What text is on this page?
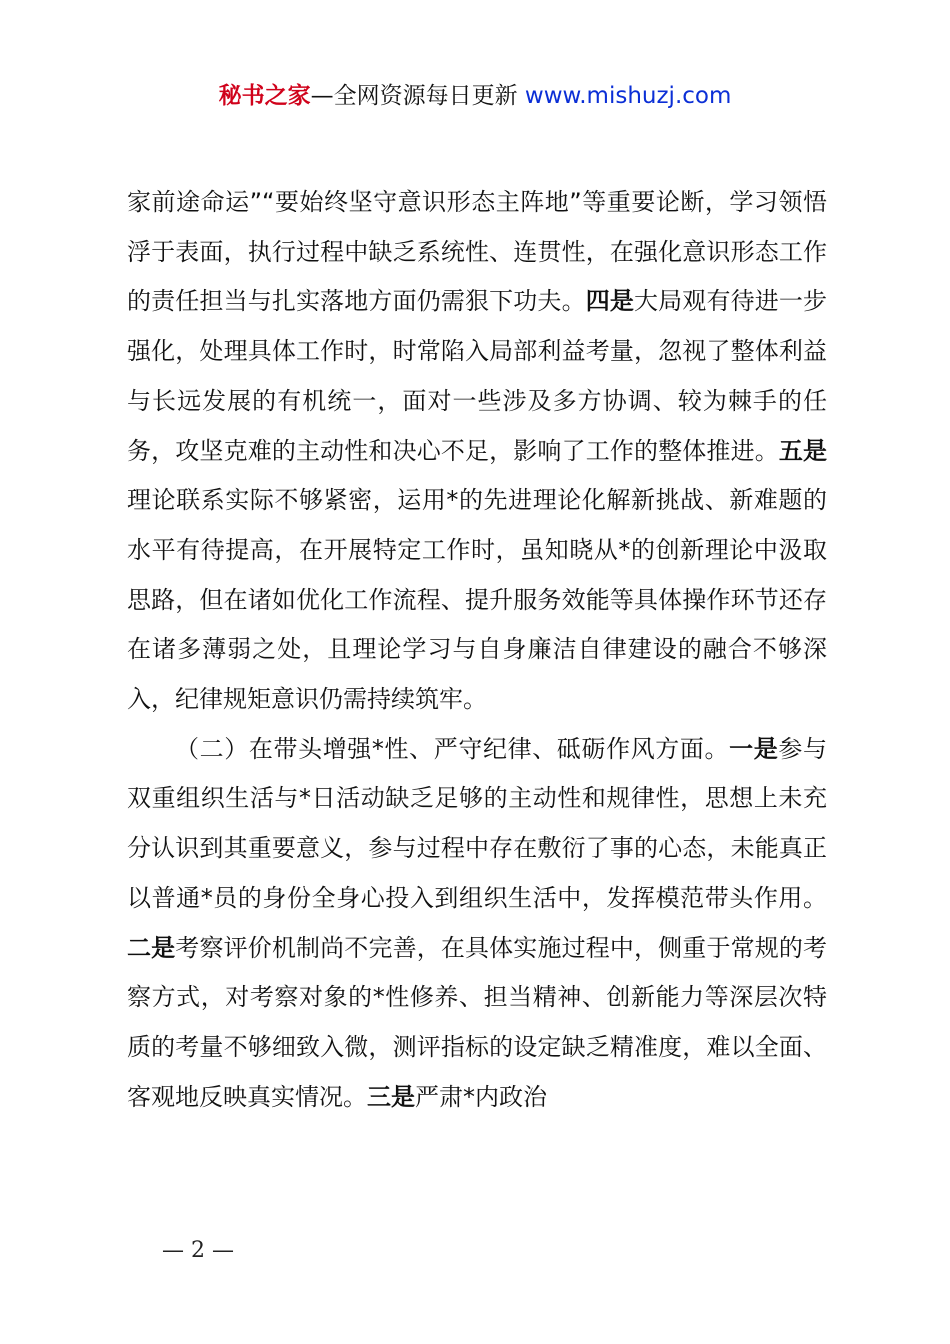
秘书之家—全网资源每日更新 www.mishuzj.com

家前途命运”“要始终坚守意识形态主阵地”等重要论断，学习领悟浮于表面，执行过程中缺乏系统性、连贯性，在强化意识形态工作的责任担当与扎实落地方面仍需狠下功夫。四是大局观有待进一步强化，处理具体工作时，时常陷入局部利益考量，忽视了整体利益与长远发展的有机统一，面对一些涉及多方协调、较为棘手的任务，攻坚克难的主动性和决心不足，影响了工作的整体推进。五是理论联系实际不够紧密，运用*的先进理论化解新挑战、新难题的水平有待提高，在开展特定工作时，虽知晓从*的创新理论中汲取思路，但在诸如优化工作流程、提升服务效能等具体操作环节还存在诸多薄弱之处，且理论学习与自身廉洁自律建设的融合不够深入，纪律规矩意识仍需持续筑牢。

（二）在带头增强*性、严守纪律、砥砺作风方面。一是参与双重组织生活与*日活动缺乏足够的主动性和规律性，思想上未充分认识到其重要意义，参与过程中存在敷衍了事的心态，未能真正以普通*员的身份全身心投入到组织生活中，发挥模范带头作用。二是考察评价机制尚不完善，在具体实施过程中，侧重于常规的考察方式，对考察对象的*性修养、担当精神、创新能力等深层次特质的考量不够细致入微，测评指标的设定缺乏精准度，难以全面、客观地反映真实情况。三是严肃*内政治

— 2 —
